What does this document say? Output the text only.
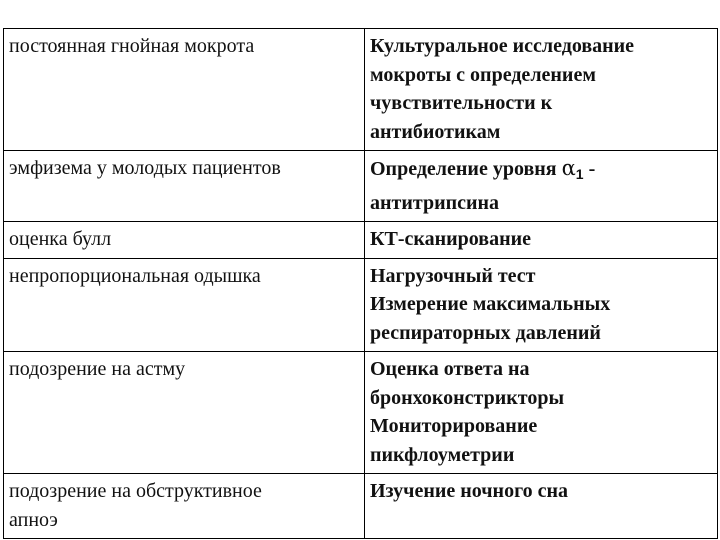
постоянная гнойная мокрота	Культуральное исследование
мокроты с определением
чувствительности к
антибиотикам

эмфизема у молодых пациентов	Определение уровня $\alpha_1$ -
антитрипсина

оценка булл	КТ-сканирование

непропорциональная одышка	Нагрузочный тест
Измерение максимальных
респираторных давлений

подозрение на астму	Оценка ответа на
бронхоконстрикторы
Мониторирование
пикфлоуметрии

подозрение на обструктивное
апноэ	Изучение ночного сна
